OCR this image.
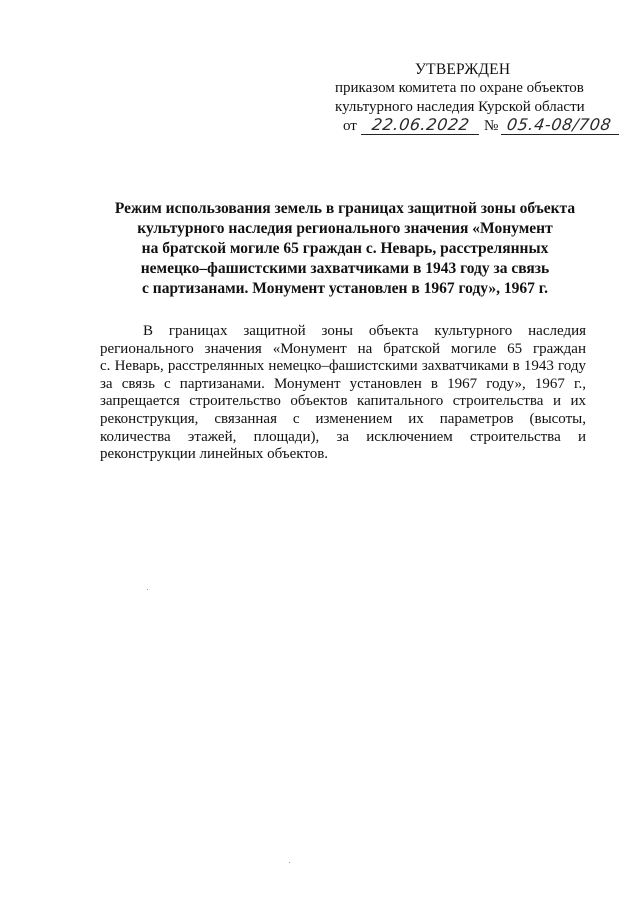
УТВЕРЖДЕН
приказом комитета по охране объектов
культурного наследия Курской области
от 22.06.2022 № 05.4-08/708
Режим использования земель в границах защитной зоны объекта
культурного наследия регионального значения «Монумент
на братской могиле 65 граждан с. Неварь, расстрелянных
немецко–фашистскими захватчиками в 1943 году за связь
с партизанами. Монумент установлен в 1967 году», 1967 г.
В границах защитной зоны объекта культурного наследия
регионального значения «Монумент на братской могиле 65 граждан
с. Неварь, расстрелянных немецко–фашистскими захватчиками в 1943 году
за связь с партизанами. Монумент установлен в 1967 году», 1967 г.,
запрещается строительство объектов капитального строительства и их
реконструкция, связанная с изменением их параметров (высоты,
количества этажей, площади), за исключением строительства и
реконструкции линейных объектов.
